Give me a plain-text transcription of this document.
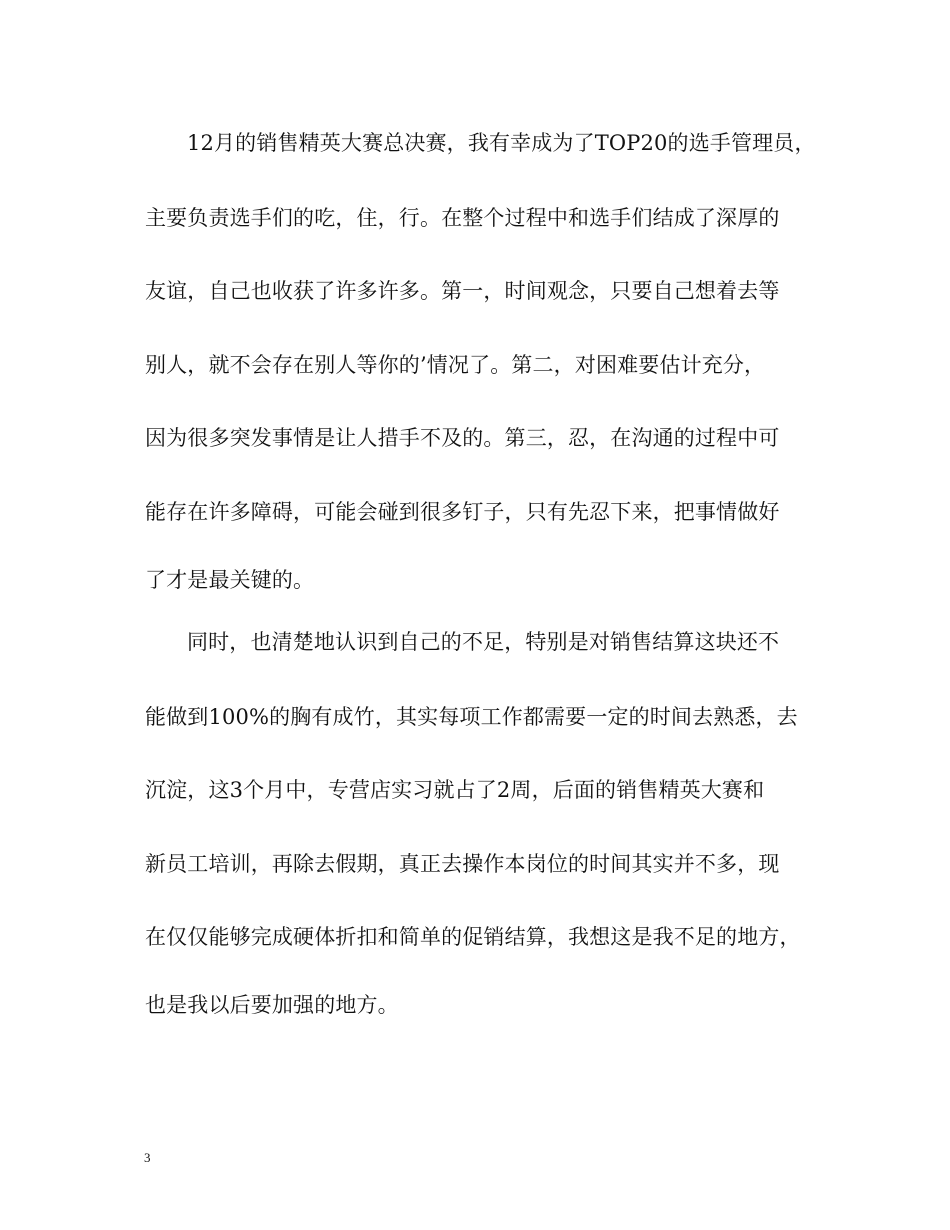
12月的销售精英大赛总决赛，我有幸成为了TOP20的选手管理员，
主要负责选手们的吃，住，行。在整个过程中和选手们结成了深厚的
友谊，自己也收获了许多许多。第一，时间观念，只要自己想着去等
别人，就不会存在别人等你的’情况了。第二，对困难要估计充分，
因为很多突发事情是让人措手不及的。第三，忍，在沟通的过程中可
能存在许多障碍，可能会碰到很多钉子，只有先忍下来，把事情做好
了才是最关键的。
同时，也清楚地认识到自己的不足，特别是对销售结算这块还不
能做到100%的胸有成竹，其实每项工作都需要一定的时间去熟悉，去
沉淀，这3个月中，专营店实习就占了2周，后面的销售精英大赛和
新员工培训，再除去假期，真正去操作本岗位的时间其实并不多，现
在仅仅能够完成硬体折扣和简单的促销结算，我想这是我不足的地方，
也是我以后要加强的地方。
3
